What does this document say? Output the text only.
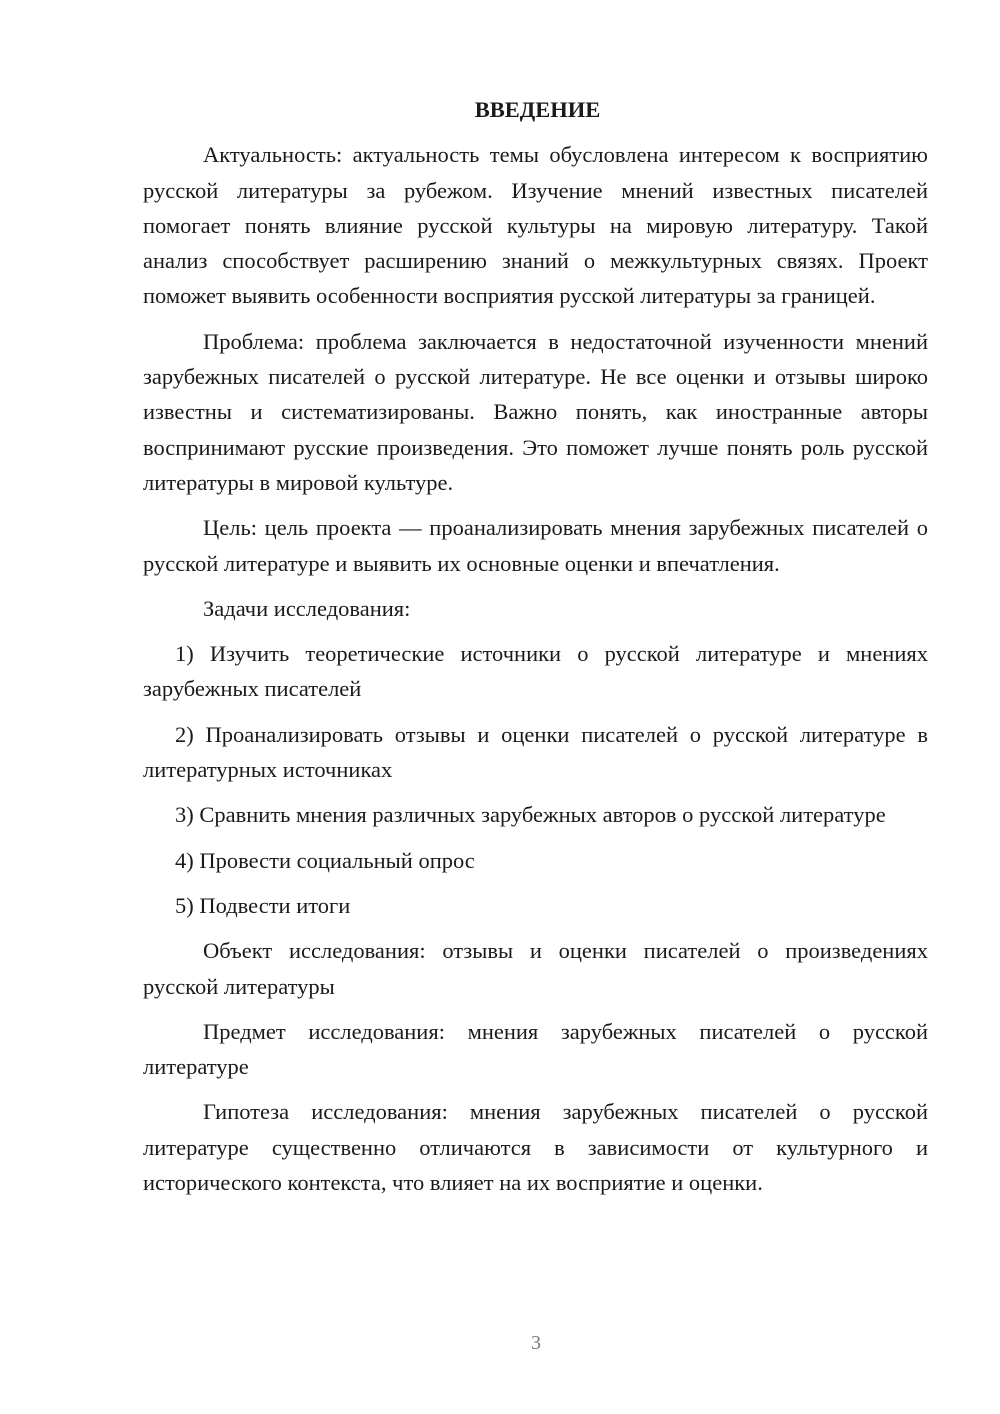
ВВЕДЕНИЕ

Актуальность: актуальность темы обусловлена интересом к восприятию русской литературы за рубежом. Изучение мнений известных писателей помогает понять влияние русской культуры на мировую литературу. Такой анализ способствует расширению знаний о межкультурных связях. Проект поможет выявить особенности восприятия русской литературы за границей.

Проблема: проблема заключается в недостаточной изученности мнений зарубежных писателей о русской литературе. Не все оценки и отзывы широко известны и систематизированы. Важно понять, как иностранные авторы воспринимают русские произведения. Это поможет лучше понять роль русской литературы в мировой культуре.

Цель: цель проекта — проанализировать мнения зарубежных писателей о русской литературе и выявить их основные оценки и впечатления.

Задачи исследования:

1) Изучить теоретические источники о русской литературе и мнениях зарубежных писателей

2) Проанализировать отзывы и оценки писателей о русской литературе в литературных источниках

3) Сравнить мнения различных зарубежных авторов о русской литературе

4) Провести социальный опрос

5) Подвести итоги

Объект исследования: отзывы и оценки писателей о произведениях русской литературы

Предмет исследования: мнения зарубежных писателей о русской литературе

Гипотеза исследования: мнения зарубежных писателей о русской литературе существенно отличаются в зависимости от культурного и исторического контекста, что влияет на их восприятие и оценки.

3
